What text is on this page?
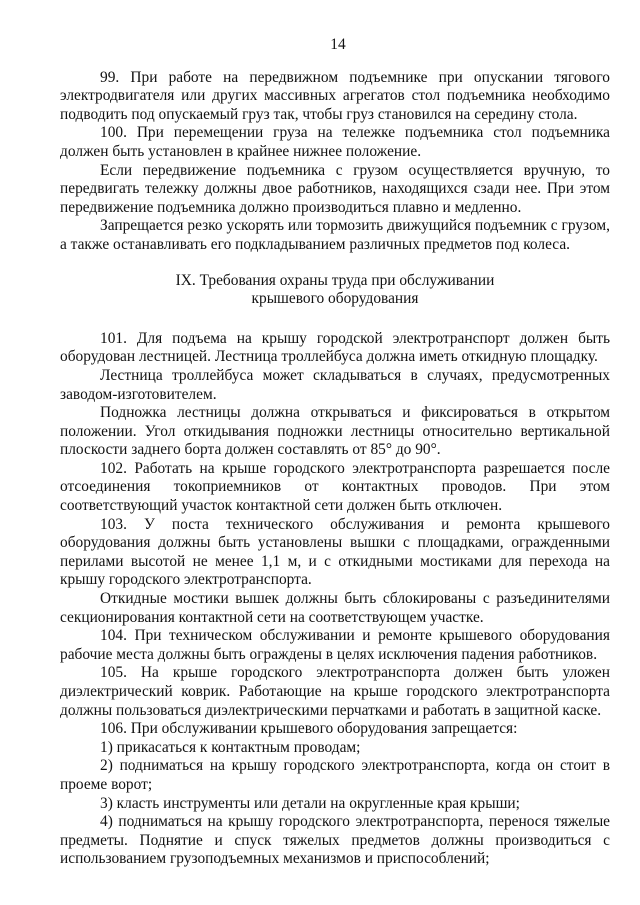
14

99. При работе на передвижном подъемнике при опускании тягового электродвигателя или других массивных агрегатов стол подъемника необходимо подводить под опускаемый груз так, чтобы груз становился на середину стола.

100. При перемещении груза на тележке подъемника стол подъемника должен быть установлен в крайнее нижнее положение.

Если передвижение подъемника с грузом осуществляется вручную, то передвигать тележку должны двое работников, находящихся сзади нее. При этом передвижение подъемника должно производиться плавно и медленно.

Запрещается резко ускорять или тормозить движущийся подъемник с грузом, а также останавливать его подкладыванием различных предметов под колеса.

IX. Требования охраны труда при обслуживании
крышевого оборудования

101. Для подъема на крышу городской электротранспорт должен быть оборудован лестницей. Лестница троллейбуса должна иметь откидную площадку.

Лестница троллейбуса может складываться в случаях, предусмотренных заводом-изготовителем.

Подножка лестницы должна открываться и фиксироваться в открытом положении. Угол откидывания подножки лестницы относительно вертикальной плоскости заднего борта должен составлять от 85° до 90°.

102. Работать на крыше городского электротранспорта разрешается после отсоединения токоприемников от контактных проводов. При этом соответствующий участок контактной сети должен быть отключен.

103. У поста технического обслуживания и ремонта крышевого оборудования должны быть установлены вышки с площадками, огражденными перилами высотой не менее 1,1 м, и с откидными мостиками для перехода на крышу городского электротранспорта.

Откидные мостики вышек должны быть сблокированы с разъединителями секционирования контактной сети на соответствующем участке.

104. При техническом обслуживании и ремонте крышевого оборудования рабочие места должны быть ограждены в целях исключения падения работников.

105. На крыше городского электротранспорта должен быть уложен диэлектрический коврик. Работающие на крыше городского электротранспорта должны пользоваться диэлектрическими перчатками и работать в защитной каске.

106. При обслуживании крышевого оборудования запрещается:

1) прикасаться к контактным проводам;

2) подниматься на крышу городского электротранспорта, когда он стоит в проеме ворот;

3) класть инструменты или детали на округленные края крыши;

4) подниматься на крышу городского электротранспорта, перенося тяжелые предметы. Поднятие и спуск тяжелых предметов должны производиться с использованием грузоподъемных механизмов и приспособлений;
